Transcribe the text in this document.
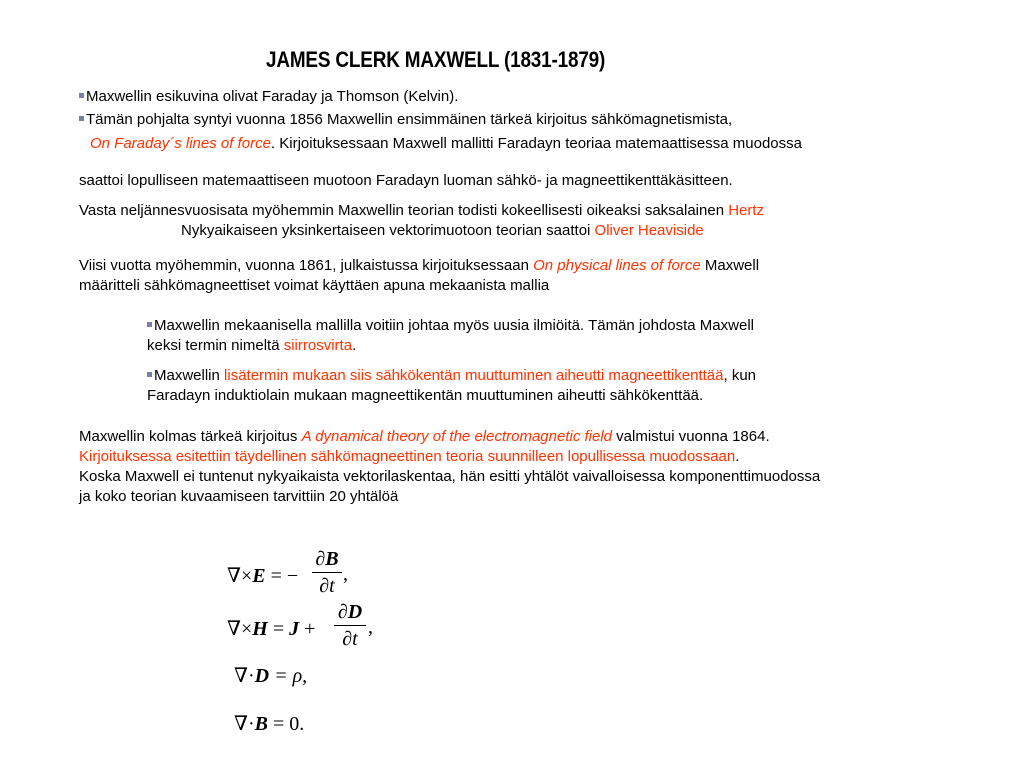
JAMES CLERK MAXWELL (1831-1879)
Maxwellin esikuvina olivat Faraday ja Thomson (Kelvin).
Tämän pohjalta syntyi vuonna 1856 Maxwellin ensimmäinen tärkeä kirjoitus sähkömagnetismista,
On Faraday´s lines of force. Kirjoituksessaan Maxwell mallitti Faradayn teoriaa matemaattisessa muodossa
saattoi lopulliseen matemaattiseen muotoon Faradayn luoman sähkö- ja magneettikenttäkäsitteen.
Vasta neljännesvuosisata myöhemmin Maxwellin teorian todisti kokeellisesti oikeaksi saksalainen Hertz
Nykyaikaiseen yksinkertaiseen vektorimuotoon teorian saattoi Oliver Heaviside
Viisi vuotta myöhemmin, vuonna 1861, julkaistussa kirjoituksessaan On physical lines of force Maxwell
määritteli sähkömagneettiset voimat käyttäen apuna mekaanista mallia
Maxwellin mekaanisella mallilla voitiin johtaa myös uusia ilmiöitä. Tämän johdosta Maxwell
keksi termin nimeltä siirrosvirta.
Maxwellin lisätermin mukaan siis sähkökentän muuttuminen aiheutti magneettikenttää, kun
Faradayn induktiolain mukaan magneettikentän muuttuminen aiheutti sähkökenttää.
Maxwellin kolmas tärkeä kirjoitus A dynamical theory of the electromagnetic field valmistui vuonna 1864.
Kirjoituksessa esitettiin täydellinen sähkömagneettinen teoria suunnilleen lopullisessa muodossaan.
Koska Maxwell ei tuntenut nykyaikaista vektorilaskentaa, hän esitti yhtälöt vaivalloisessa komponenttimuodossa
ja koko teorian kuvaamiseen tarvittiin 20 yhtälöä
∇×E = −
∂B
∂t
,
∇×H = J +
∂D
∂t
,
∇·D = ρ,
∇·B = 0.
